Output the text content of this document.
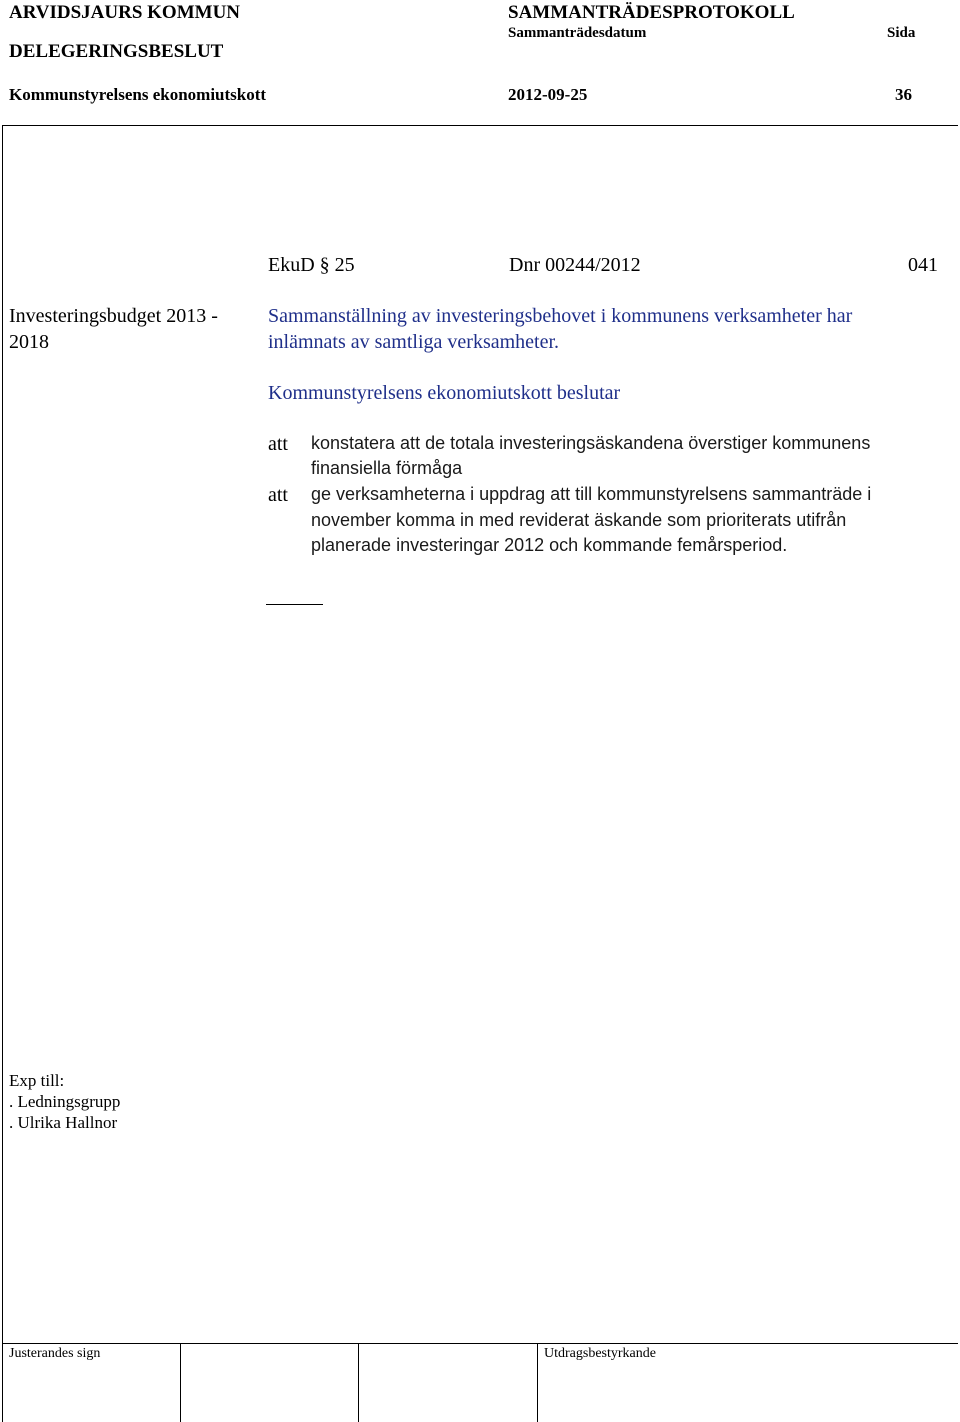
ARVIDSJAURS KOMMUN	SAMMANTRÄDESPROTOKOLL
DELEGERINGSBESLUT
Sammanträdesdatum	Sida
Kommunstyrelsens ekonomiutskott	2012-09-25	36
EkuD § 25	Dnr 00244/2012	041
Investeringsbudget 2013 -
2018
Sammanställning av investeringsbehovet i kommunens verksamheter har
inlämnats av samtliga verksamheter.
Kommunstyrelsens ekonomiutskott beslutar
att konstatera att de totala investeringsäskandena överstiger kommunens
finansiella förmåga
att ge verksamheterna i uppdrag att till kommunstyrelsens sammanträde i
november komma in med reviderat äskande som prioriterats utifrån
planerade investeringar 2012 och kommande femårsperiod.
Exp till:
. Ledningsgrupp
. Ulrika Hallnor
Justerandes sign	Utdragsbestyrkande
